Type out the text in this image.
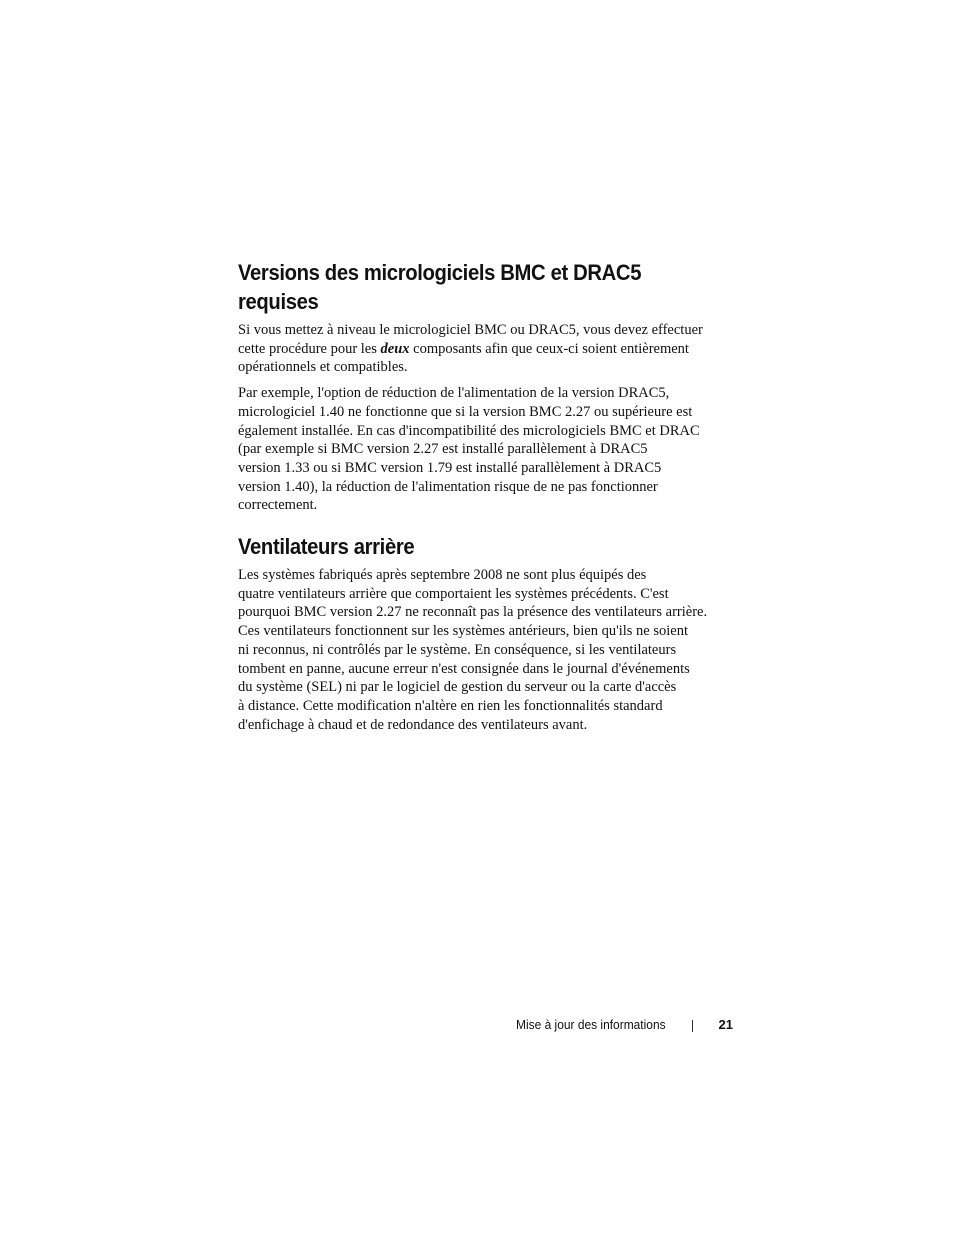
Versions des micrologiciels BMC et DRAC5
requises

Si vous mettez à niveau le micrologiciel BMC ou DRAC5, vous devez effectuer
cette procédure pour les deux composants afin que ceux-ci soient entièrement
opérationnels et compatibles.

Par exemple, l'option de réduction de l'alimentation de la version DRAC5,
micrologiciel 1.40 ne fonctionne que si la version BMC 2.27 ou supérieure est
également installée. En cas d'incompatibilité des micrologiciels BMC et DRAC
(par exemple si BMC version 2.27 est installé parallèlement à DRAC5
version 1.33 ou si BMC version 1.79 est installé parallèlement à DRAC5
version 1.40), la réduction de l'alimentation risque de ne pas fonctionner
correctement.

Ventilateurs arrière

Les systèmes fabriqués après septembre 2008 ne sont plus équipés des
quatre ventilateurs arrière que comportaient les systèmes précédents. C'est
pourquoi BMC version 2.27 ne reconnaît pas la présence des ventilateurs arrière.
Ces ventilateurs fonctionnent sur les systèmes antérieurs, bien qu'ils ne soient
ni reconnus, ni contrôlés par le système. En conséquence, si les ventilateurs
tombent en panne, aucune erreur n'est consignée dans le journal d'événements
du système (SEL) ni par le logiciel de gestion du serveur ou la carte d'accès
à distance. Cette modification n'altère en rien les fonctionnalités standard
d'enfichage à chaud et de redondance des ventilateurs avant.

Mise à jour des informations	21
